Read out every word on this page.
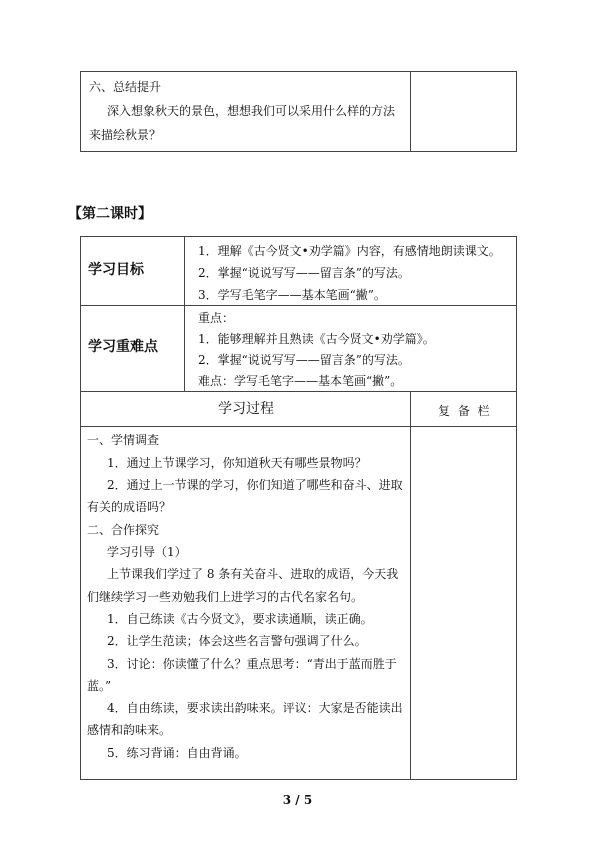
六、总结提升
深入想象秋天的景色，想想我们可以采用什么样的方法
来描绘秋景？
【第二课时】
学习目标
1．理解《古今贤文•劝学篇》内容，有感情地朗读课文。
2．掌握“说说写写——留言条”的写法。
3．学写毛笔字——基本笔画“撇”。
学习重难点
重点：
1．能够理解并且熟读《古今贤文•劝学篇》。
2．掌握“说说写写——留言条”的写法。
难点：学写毛笔字——基本笔画“撇”。
学习过程	复 备 栏
一、学情调查
1．通过上节课学习，你知道秋天有哪些景物吗？
2．通过上一节课的学习，你们知道了哪些和奋斗、进取
有关的成语吗？
二、合作探究
学习引导（1）
上节课我们学过了 8 条有关奋斗、进取的成语，今天我
们继续学习一些劝勉我们上进学习的古代名家名句。
1．自己练读《古今贤文》，要求读通顺，读正确。
2．让学生范读；体会这些名言警句强调了什么。
3．讨论：你读懂了什么？重点思考：“青出于蓝而胜于
蓝。”
4．自由练读，要求读出韵味来。评议：大家是否能读出
感情和韵味来。
5．练习背诵：自由背诵。
3 / 5
